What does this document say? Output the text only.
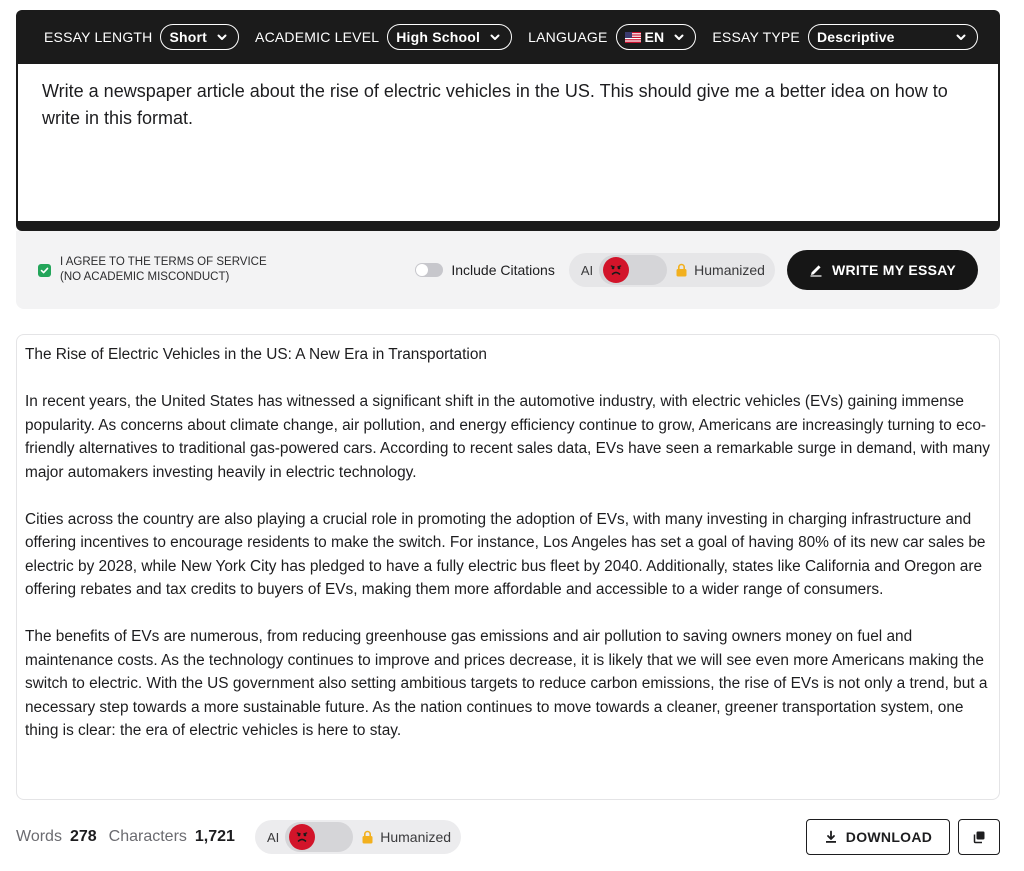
ESSAY LENGTH Short	ACADEMIC LEVEL High School	LANGUAGE	EN	ESSAY TYPE Descriptive
Write a newspaper article about the rise of electric vehicles in the US. This should give me a better idea on how to write in this format.
I AGREE TO THE TERMS OF SERVICE
(NO ACADEMIC MISCONDUCT)	Include Citations AI	Humanized	WRITE MY ESSAY

The Rise of Electric Vehicles in the US: A New Era in Transportation

In recent years, the United States has witnessed a significant shift in the automotive industry, with electric vehicles (EVs) gaining immense popularity. As concerns about climate change, air pollution, and energy efficiency continue to grow, Americans are increasingly turning to eco-friendly alternatives to traditional gas-powered cars. According to recent sales data, EVs have seen a remarkable surge in demand, with many major automakers investing heavily in electric technology.

Cities across the country are also playing a crucial role in promoting the adoption of EVs, with many investing in charging infrastructure and offering incentives to encourage residents to make the switch. For instance, Los Angeles has set a goal of having 80% of its new car sales be electric by 2028, while New York City has pledged to have a fully electric bus fleet by 2040. Additionally, states like California and Oregon are offering rebates and tax credits to buyers of EVs, making them more affordable and accessible to a wider range of consumers.

The benefits of EVs are numerous, from reducing greenhouse gas emissions and air pollution to saving owners money on fuel and maintenance costs. As the technology continues to improve and prices decrease, it is likely that we will see even more Americans making the switch to electric. With the US government also setting ambitious targets to reduce carbon emissions, the rise of EVs is not only a trend, but a necessary step towards a more sustainable future. As the nation continues to move towards a cleaner, greener transportation system, one thing is clear: the era of electric vehicles is here to stay.

Words 278 Characters 1,721 AI	Humanized	DOWNLOAD
